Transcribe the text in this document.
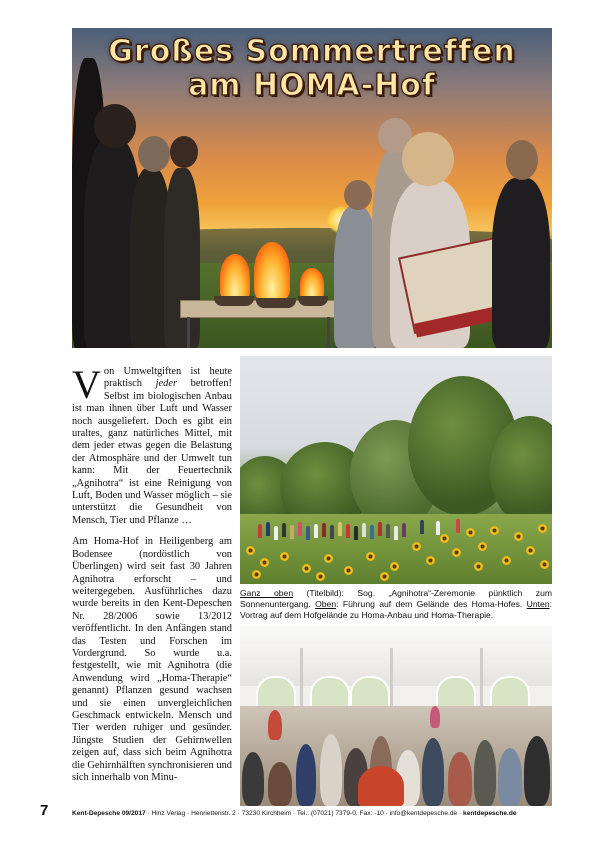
Großes Sommertreffen
am HOMA-Hof

Von Umweltgiften ist heute praktisch jeder betroffen! Selbst im biologischen Anbau ist man ihnen über Luft und Wasser noch ausgeliefert. Doch es gibt ein uraltes, ganz natürliches Mittel, mit dem jeder etwas gegen die Belastung der Atmosphäre und der Umwelt tun kann: Mit der Feuertechnik „Agnihotra“ ist eine Reinigung von Luft, Boden und Wasser möglich – sie unterstützt die Gesundheit von Mensch, Tier und Pflanze …

Am Homa-Hof in Heiligenberg am Bodensee (nordöstlich von Überlingen) wird seit fast 30 Jahren Agnihotra erforscht – und weitergegeben. Ausführliches dazu wurde bereits in den Kent-Depeschen Nr. 28/2006 sowie 13/2012 veröffentlicht. In den Anfängen stand das Testen und Forschen im Vordergrund. So wurde u.a. festgestellt, wie mit Agnihotra (die Anwendung wird „Homa-Therapie“ genannt) Pflanzen gesund wachsen und sie einen unvergleichlichen Geschmack entwickeln. Mensch und Tier werden ruhiger und gesünder. Jüngste Studien der Gehirnwellen zeigen auf, dass sich beim Agnihotra die Gehirnhälften synchronisieren und sich innerhalb von Minu-

Ganz oben (Titelbild): Sog. „Agnihotra“-Zeremonie pünktlich zum Sonnenuntergang. Oben: Führung auf dem Gelände des Homa-Hofes. Unten: Vortrag auf dem Hofgelände zu Homa-Anbau und Homa-Therapie.
7	Kent-Depesche 09/2017 · Hinz Verlag · Henriettenstr. 2 · 73230 Kirchheim · Tel.: (07021) 7379-0, Fax: -10 · info@kentdepesche.de · kentdepesche.de
